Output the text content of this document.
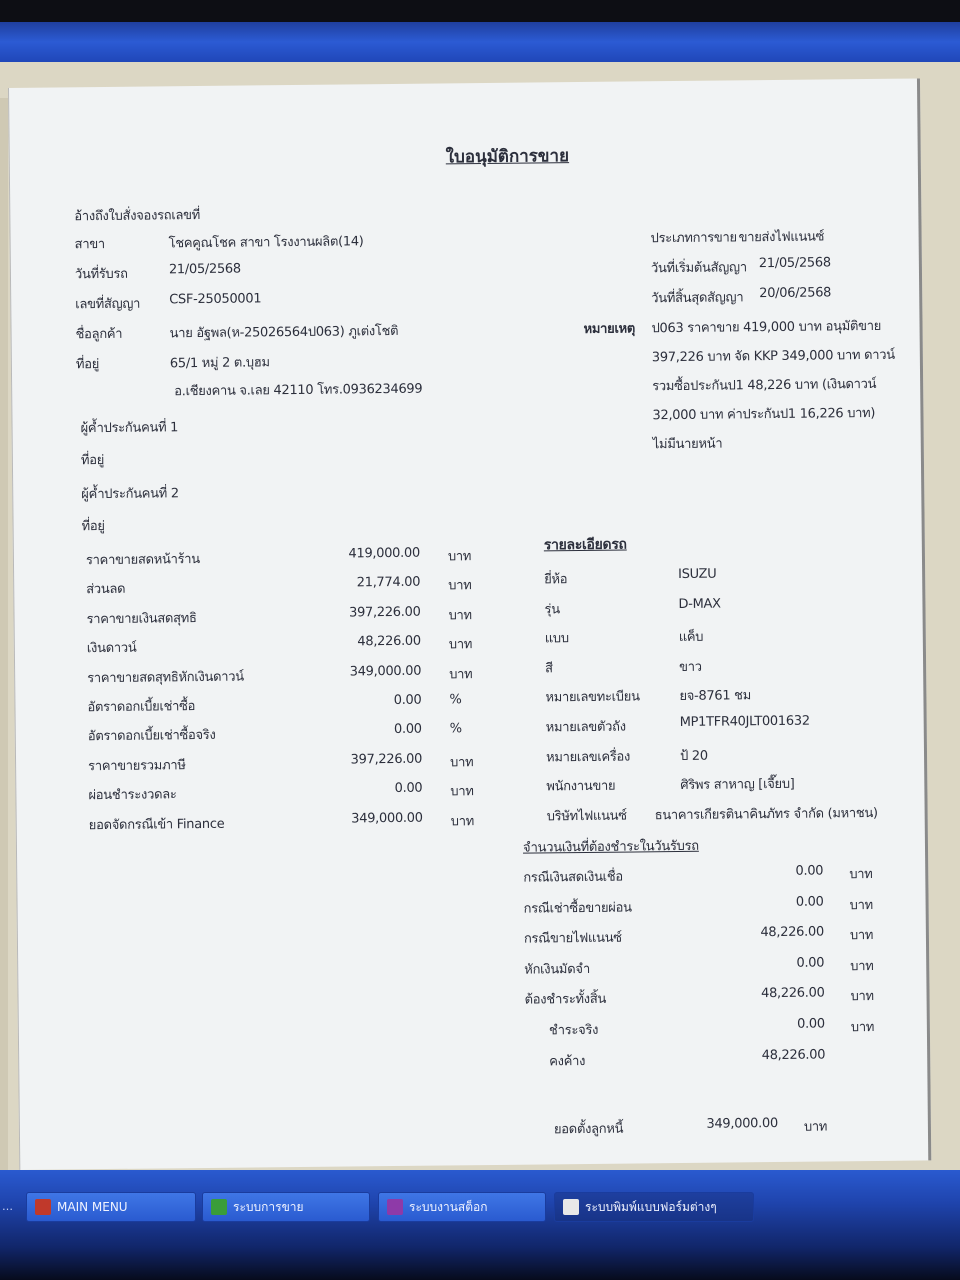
ใบอนุมัติการขาย
อ้างถึงใบสั่งจองรถเลขที่
สาขา	โชคคูณโชค สาขา โรงงานผลิต(14)
วันที่รับรถ	21/05/2568
เลขที่สัญญา CSF-25050001
ชื่อลูกค้า	นาย อัฐพล(ห-25026564ป063) ภูเต่งโชติ
ที่อยู่	65/1 หมู่ 2 ต.บุฮม
อ.เชียงคาน จ.เลย 42110 โทร.0936234699
ผู้ค้ำประกันคนที่ 1
ที่อยู่
ผู้ค้ำประกันคนที่ 2
ที่อยู่
ประเภทการขาย ขายส่งไฟแนนซ์
วันที่เริ่มต้นสัญญา 21/05/2568
วันที่สิ้นสุดสัญญา 20/06/2568
หมายเหตุ ป063 ราคาขาย 419,000 บาท อนุมัติขาย
397,226 บาท จัด KKP 349,000 บาท ดาวน์
รวมซื้อประกันป1 48,226 บาท (เงินดาวน์
32,000 บาท ค่าประกันป1 16,226 บาท)
ไม่มีนายหน้า
ราคาขายสดหน้าร้าน	419,000.00 บาท
ส่วนลด	21,774.00 บาท
ราคาขายเงินสดสุทธิ	397,226.00 บาท
เงินดาวน์	48,226.00 บาท
ราคาขายสดสุทธิหักเงินดาวน์	349,000.00 บาท
อัตราดอกเบี้ยเช่าซื้อ	0.00 %
อัตราดอกเบี้ยเช่าซื้อจริง	0.00 %
ราคาขายรวมภาษี	397,226.00 บาท
ผ่อนชำระงวดละ	0.00 บาท
ยอดจัดกรณีเข้า Finance	349,000.00 บาท
รายละเอียดรถ
ยี่ห้อ	ISUZU
รุ่น	D-MAX
แบบ	แค็บ
สี	ขาว
หมายเลขทะเบียน	ยจ-8761 ชม
หมายเลขตัวถัง	MP1TFR40JLT001632
หมายเลขเครื่อง	ป้ 20
พนักงานขาย	ศิริพร สาหาญ [เจี๊ยบ]
บริษัทไฟแนนซ์ ธนาคารเกียรตินาคินภัทร จำกัด (มหาชน)
จำนวนเงินที่ต้องชำระในวันรับรถ
กรณีเงินสดเงินเชื่อ	0.00 บาท
กรณีเช่าซื้อขายผ่อน	0.00 บาท
กรณีขายไฟแนนซ์	48,226.00 บาท
หักเงินมัดจำ	0.00 บาท
ต้องชำระทั้งสิ้น	48,226.00 บาท
ชำระจริง	0.00 บาท
คงค้าง	48,226.00
ยอดตั้งลูกหนี้	349,000.00 บาท
…	MAIN MENU	ระบบการขาย	ระบบงานสต็อก	ระบบพิมพ์แบบฟอร์มต่างๆ
